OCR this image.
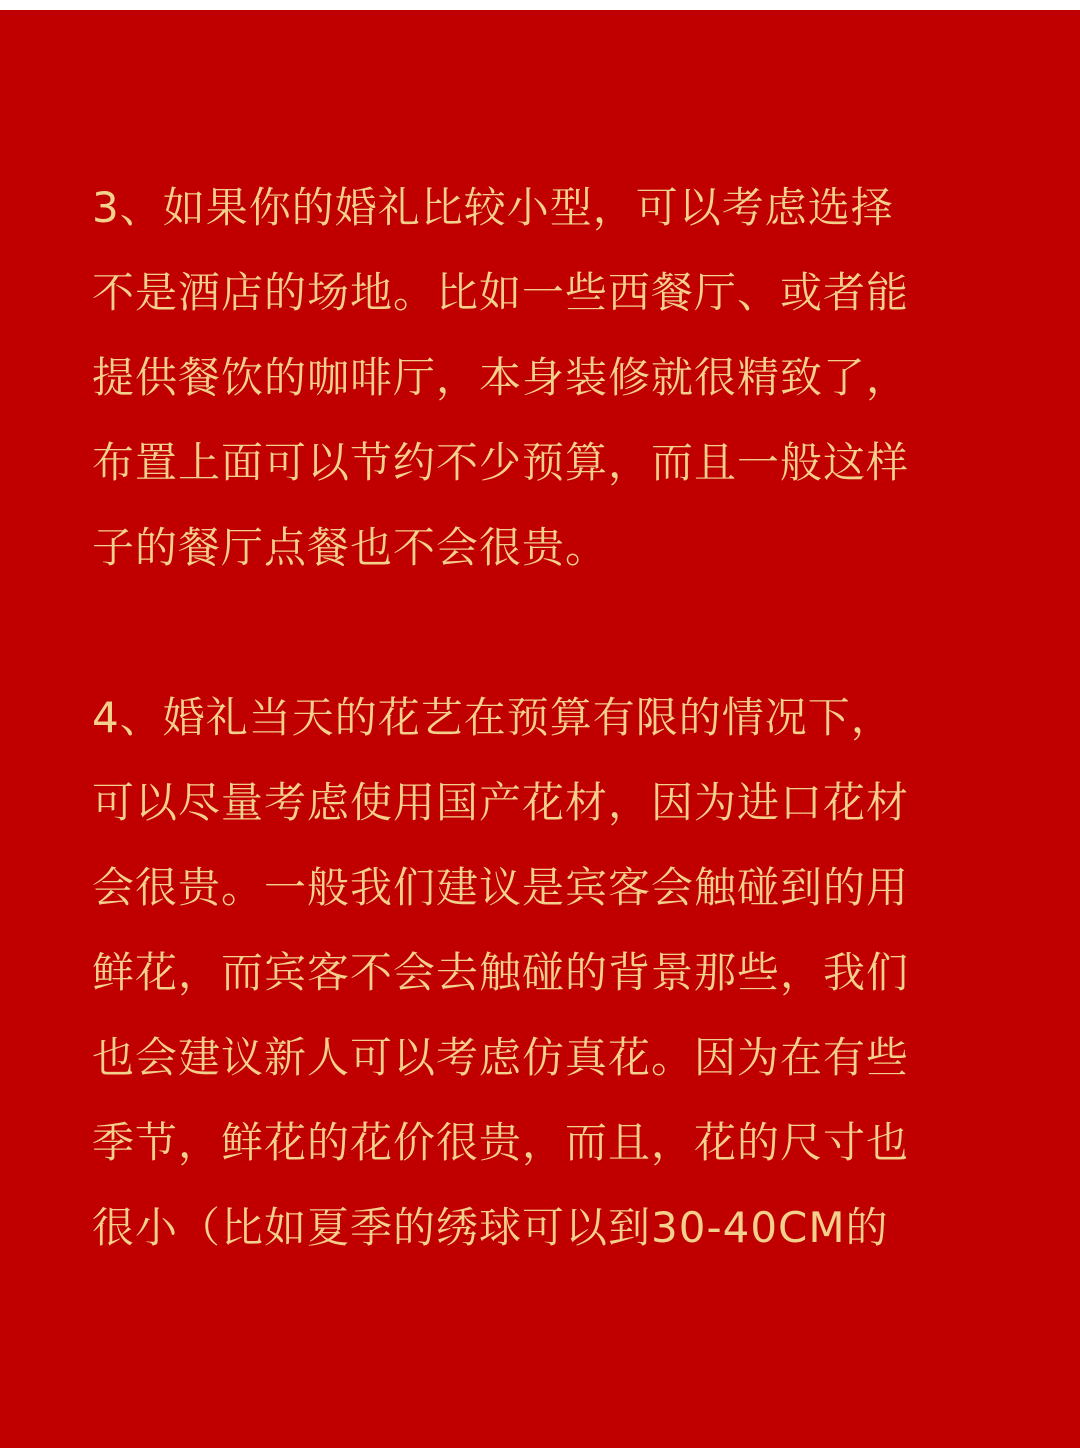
3、如果你的婚礼比较小型，可以考虑选择
不是酒店的场地。比如一些西餐厅、或者能
提供餐饮的咖啡厅，本身装修就很精致了，
布置上面可以节约不少预算，而且一般这样
子的餐厅点餐也不会很贵。
4、婚礼当天的花艺在预算有限的情况下，
可以尽量考虑使用国产花材，因为进口花材
会很贵。一般我们建议是宾客会触碰到的用
鲜花，而宾客不会去触碰的背景那些，我们
也会建议新人可以考虑仿真花。因为在有些
季节，鲜花的花价很贵，而且，花的尺寸也
很小（比如夏季的绣球可以到30-40CM的
